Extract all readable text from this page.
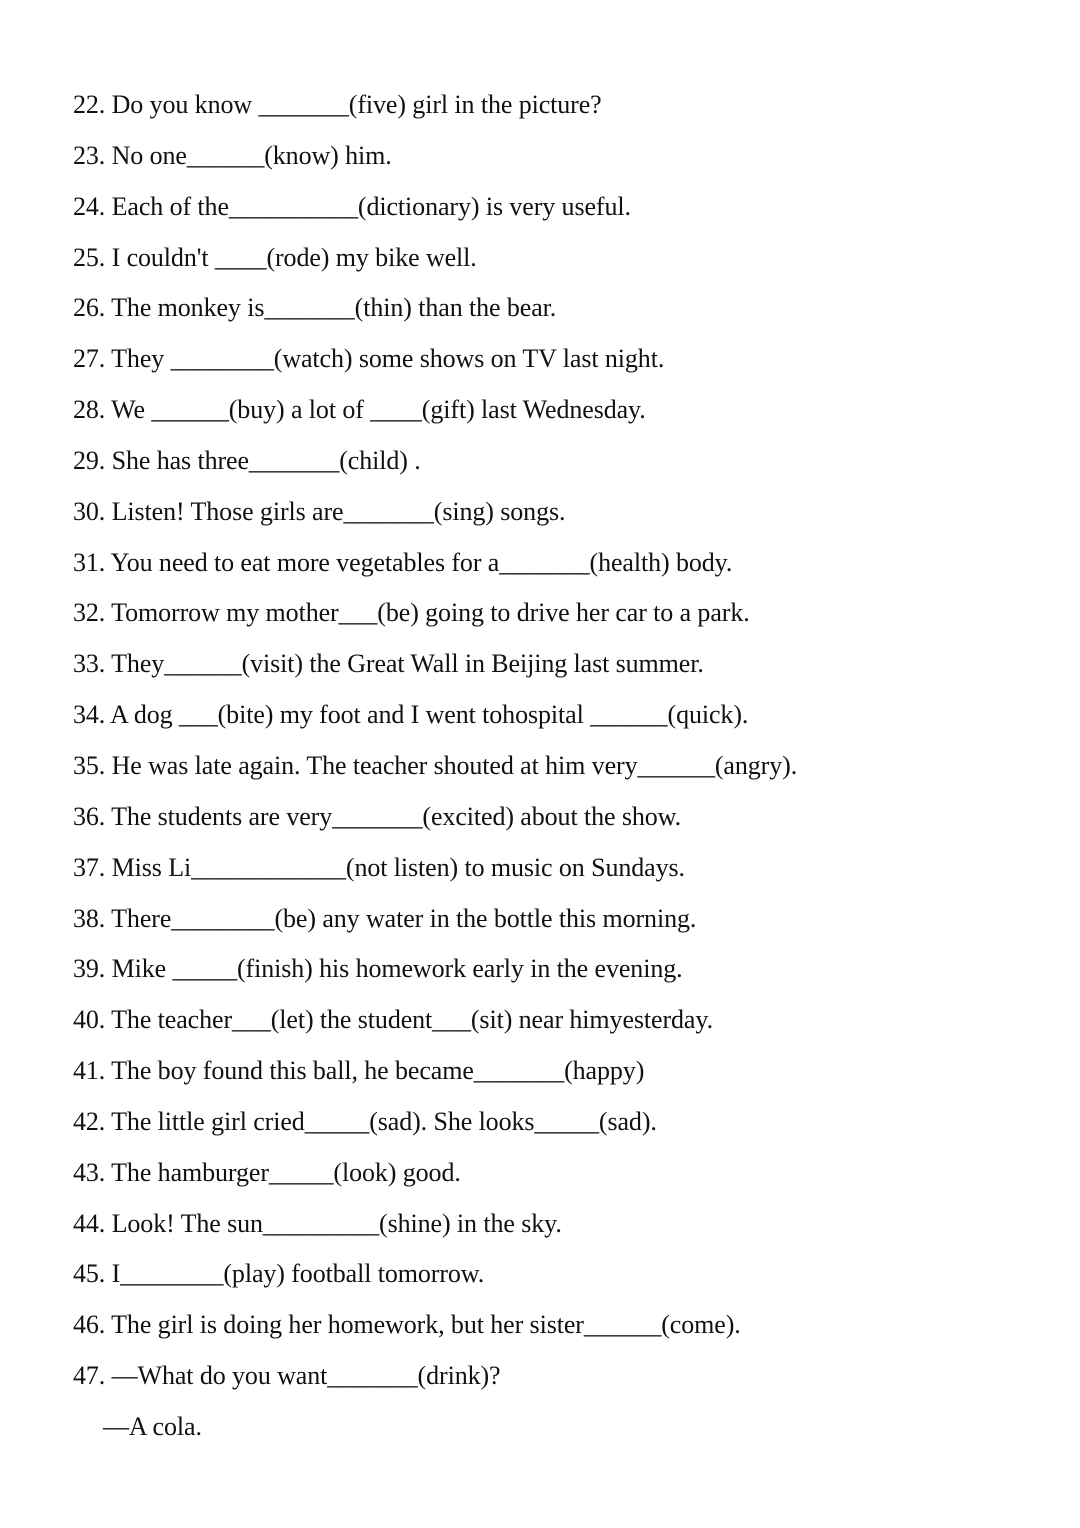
22. Do you know _______(five) girl in the picture?
23. No one______(know) him.
24. Each of the__________(dictionary) is very useful.
25. I couldn't ____(rode) my bike well.
26. The monkey is_______(thin) than the bear.
27. They ________(watch) some shows on TV last night.
28. We ______(buy) a lot of ____(gift) last Wednesday.
29. She has three_______(child) .
30. Listen! Those girls are_______(sing) songs.
31. You need to eat more vegetables for a_______(health) body.
32. Tomorrow my mother___(be) going to drive her car to a park.
33. They______(visit) the Great Wall in Beijing last summer.
34. A dog ___(bite) my foot and I went tohospital ______(quick).
35. He was late again. The teacher shouted at him very______(angry).
36. The students are very_______(excited) about the show.
37. Miss Li____________(not listen) to music on Sundays.
38. There________(be) any water in the bottle this morning.
39. Mike _____(finish) his homework early in the evening.
40. The teacher___(let) the student___(sit) near himyesterday.
41. The boy found this ball, he became_______(happy)
42. The little girl cried_____(sad). She looks_____(sad).
43. The hamburger_____(look) good.
44. Look! The sun_________(shine) in the sky.
45. I________(play) football tomorrow.
46. The girl is doing her homework, but her sister______(come).
47. —What do you want_______(drink)?
—A cola.
